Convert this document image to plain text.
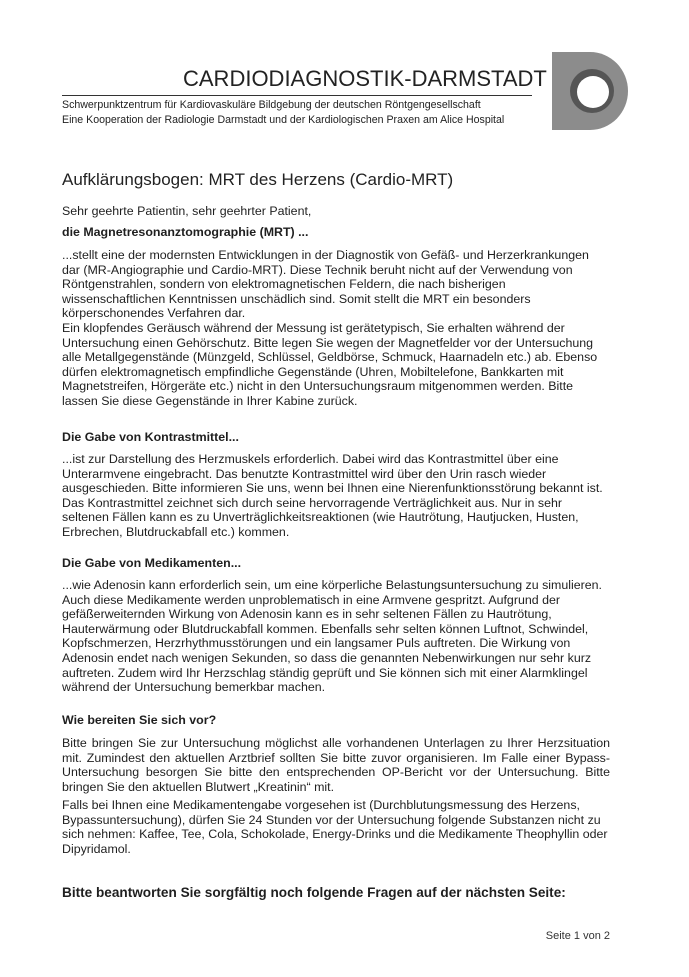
CARDIODIAGNOSTIK-DARMSTADT
Schwerpunktzentrum für Kardiovaskuläre Bildgebung der deutschen Röntgengesellschaft
Eine Kooperation der Radiologie Darmstadt und der Kardiologischen Praxen am Alice Hospital
Aufklärungsbogen: MRT des Herzens (Cardio-MRT)
Sehr geehrte Patientin, sehr geehrter Patient,
die Magnetresonanztomographie (MRT) ...
...stellt eine der modernsten Entwicklungen in der Diagnostik von Gefäß- und Herzerkrankungen dar (MR-Angiographie und Cardio-MRT). Diese Technik beruht nicht auf der Verwendung von Röntgenstrahlen, sondern von elektromagnetischen Feldern, die nach bisherigen wissenschaftlichen Kenntnissen unschädlich sind. Somit stellt die MRT ein besonders körperschonendes Verfahren dar.
Ein klopfendes Geräusch während der Messung ist gerätetypisch, Sie erhalten während der Untersuchung einen Gehörschutz. Bitte legen Sie wegen der Magnetfelder vor der Untersuchung alle Metallgegenstände (Münzgeld, Schlüssel, Geldbörse, Schmuck, Haarnadeln etc.) ab. Ebenso dürfen elektromagnetisch empfindliche Gegenstände (Uhren, Mobiltelefone, Bankkarten mit Magnetstreifen, Hörgeräte etc.) nicht in den Untersuchungsraum mitgenommen werden. Bitte lassen Sie diese Gegenstände in Ihrer Kabine zurück.
Die Gabe von Kontrastmittel...
...ist zur Darstellung des Herzmuskels erforderlich. Dabei wird das Kontrastmittel über eine Unterarmvene eingebracht. Das benutzte Kontrastmittel wird über den Urin rasch wieder ausgeschieden. Bitte informieren Sie uns, wenn bei Ihnen eine Nierenfunktionsstörung bekannt ist. Das Kontrastmittel zeichnet sich durch seine hervorragende Verträglichkeit aus. Nur in sehr seltenen Fällen kann es zu Unverträglichkeitsreaktionen (wie Hautrötung, Hautjucken, Husten, Erbrechen, Blutdruckabfall etc.) kommen.
Die Gabe von Medikamenten...
...wie Adenosin kann erforderlich sein, um eine körperliche Belastungsuntersuchung zu simulieren. Auch diese Medikamente werden unproblematisch in eine Armvene gespritzt. Aufgrund der gefäßerweiternden Wirkung von Adenosin kann es in sehr seltenen Fällen zu Hautrötung, Hauterwärmung oder Blutdruckabfall kommen. Ebenfalls sehr selten können Luftnot, Schwindel, Kopfschmerzen, Herzrhythmusstörungen und ein langsamer Puls auftreten. Die Wirkung von Adenosin endet nach wenigen Sekunden, so dass die genannten Nebenwirkungen nur sehr kurz auftreten. Zudem wird Ihr Herzschlag ständig geprüft und Sie können sich mit einer Alarmklingel während der Untersuchung bemerkbar machen.
Wie bereiten Sie sich vor?
Bitte bringen Sie zur Untersuchung möglichst alle vorhandenen Unterlagen zu Ihrer Herzsituation mit. Zumindest den aktuellen Arztbrief sollten Sie bitte zuvor organisieren. Im Falle einer Bypass-Untersuchung besorgen Sie bitte den entsprechenden OP-Bericht vor der Untersuchung. Bitte bringen Sie den aktuellen Blutwert „Kreatinin“ mit.
Falls bei Ihnen eine Medikamentengabe vorgesehen ist (Durchblutungsmessung des Herzens, Bypassuntersuchung), dürfen Sie 24 Stunden vor der Untersuchung folgende Substanzen nicht zu sich nehmen: Kaffee, Tee, Cola, Schokolade, Energy-Drinks und die Medikamente Theophyllin oder Dipyridamol.
Bitte beantworten Sie sorgfältig noch folgende Fragen auf der nächsten Seite:
Seite 1 von 2
